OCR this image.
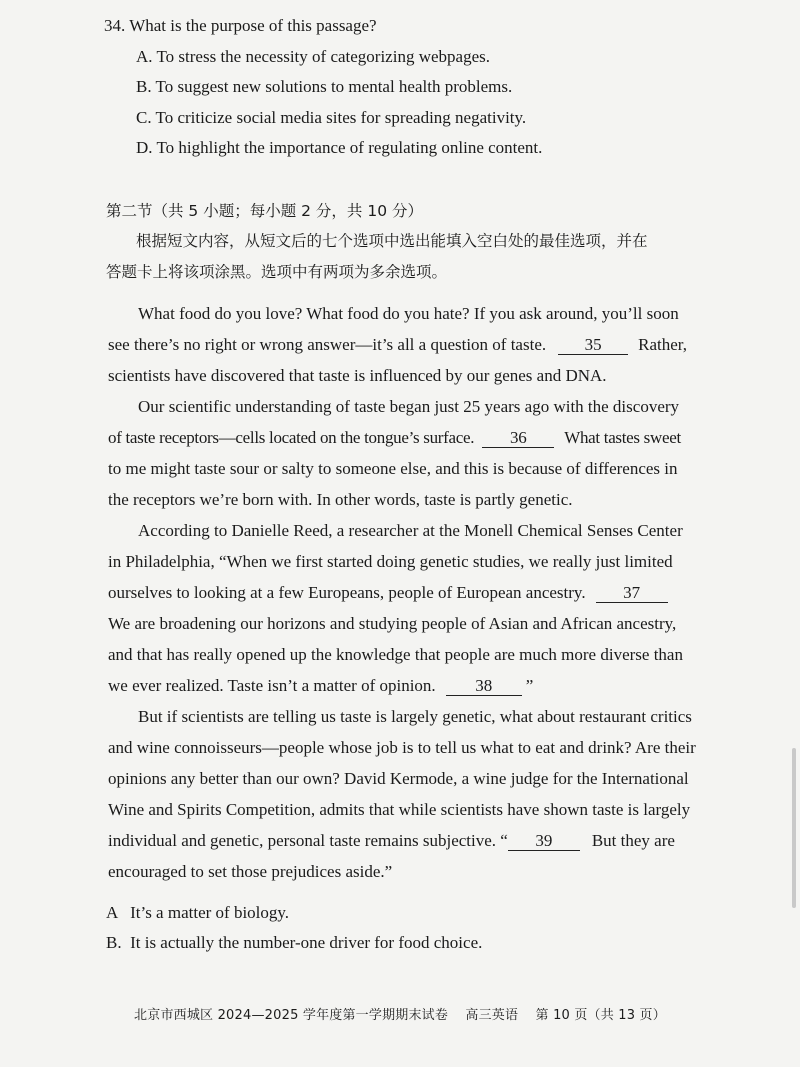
34. What is the purpose of this passage?
A. To stress the necessity of categorizing webpages.
B. To suggest new solutions to mental health problems.
C. To criticize social media sites for spreading negativity.
D. To highlight the importance of regulating online content.
第二节（共 5 小题；每小题 2 分，共 10 分）
根据短文内容，从短文后的七个选项中选出能填入空白处的最佳选项，并在
答题卡上将该项涂黑。选项中有两项为多余选项。
What food do you love? What food do you hate? If you ask around, you’ll soon
see there’s no right or wrong answer—it’s all a question of taste. 35 Rather,
scientists have discovered that taste is influenced by our genes and DNA.
Our scientific understanding of taste began just 25 years ago with the discovery
of taste receptors—cells located on the tongue’s surface. 36 What tastes sweet
to me might taste sour or salty to someone else, and this is because of differences in
the receptors we’re born with. In other words, taste is partly genetic.
According to Danielle Reed, a researcher at the Monell Chemical Senses Center
in Philadelphia, “When we first started doing genetic studies, we really just limited
ourselves to looking at a few Europeans, people of European ancestry. 37
We are broadening our horizons and studying people of Asian and African ancestry,
and that has really opened up the knowledge that people are much more diverse than
we ever realized. Taste isn’t a matter of opinion. 38 ”
But if scientists are telling us taste is largely genetic, what about restaurant critics
and wine connoisseurs—people whose job is to tell us what to eat and drink? Are their
opinions any better than our own? David Kermode, a wine judge for the International
Wine and Spirits Competition, admits that while scientists have shown taste is largely
individual and genetic, personal taste remains subjective. “ 39 But they are
encouraged to set those prejudices aside.”
A   It’s a matter of biology.
B.  It is actually the number-one driver for food choice.
北京市西城区 2024—2025 学年度第一学期期末试卷    高三英语    第 10 页（共 13 页）
